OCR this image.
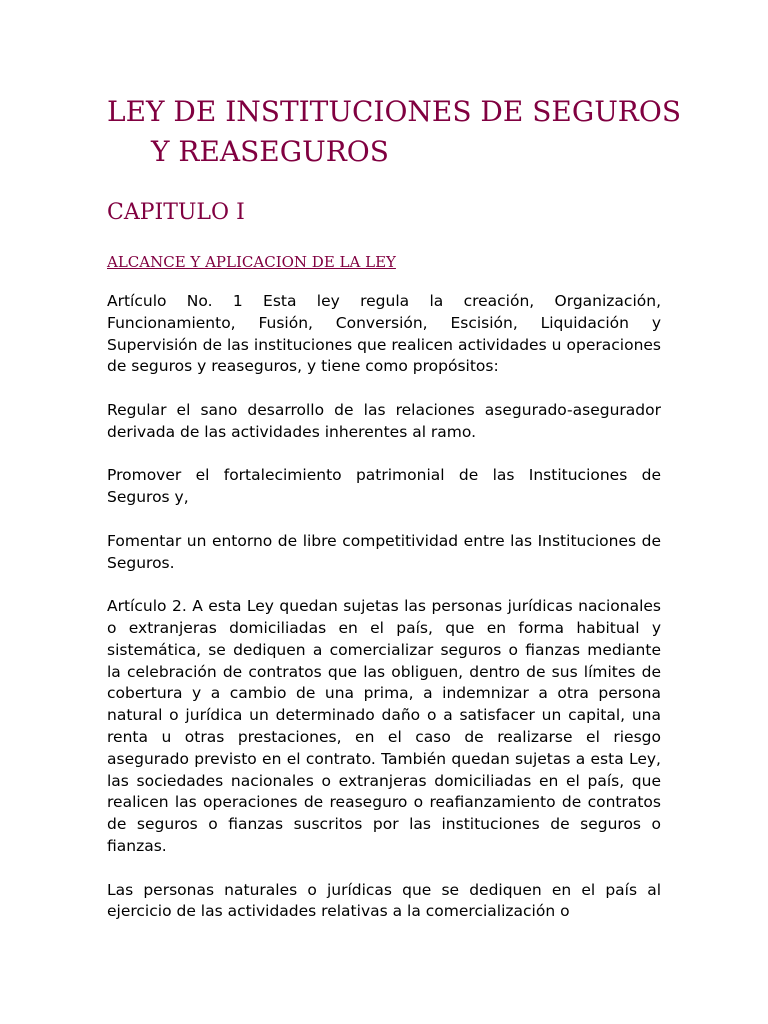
LEY DE INSTITUCIONES DE SEGUROS
Y REASEGUROS
CAPITULO I
ALCANCE Y APLICACION DE LA LEY

Artículo No. 1 Esta ley regula la creación, Organización, Funcionamiento, Fusión, Conversión, Escisión, Liquidación y Supervisión de las instituciones que realicen actividades u operaciones de seguros y reaseguros, y tiene como propósitos:

Regular el sano desarrollo de las relaciones asegurado-asegurador derivada de las actividades inherentes al ramo.

Promover el fortalecimiento patrimonial de las Instituciones de Seguros y,

Fomentar un entorno de libre competitividad entre las Instituciones de Seguros.

Artículo 2. A esta Ley quedan sujetas las personas jurídicas nacionales o extranjeras domiciliadas en el país, que en forma habitual y sistemática, se dediquen a comercializar seguros o fianzas mediante la celebración de contratos que las obliguen, dentro de sus límites de cobertura y a cambio de una prima, a indemnizar a otra persona natural o jurídica un determinado daño o a satisfacer un capital, una renta u otras prestaciones, en el caso de realizarse el riesgo asegurado previsto en el contrato. También quedan sujetas a esta Ley, las sociedades nacionales o extranjeras domiciliadas en el país, que realicen las operaciones de reaseguro o reafianzamiento de contratos de seguros o fianzas suscritos por las instituciones de seguros o fianzas.

Las personas naturales o jurídicas que se dediquen en el país al ejercicio de las actividades relativas a la comercialización o
